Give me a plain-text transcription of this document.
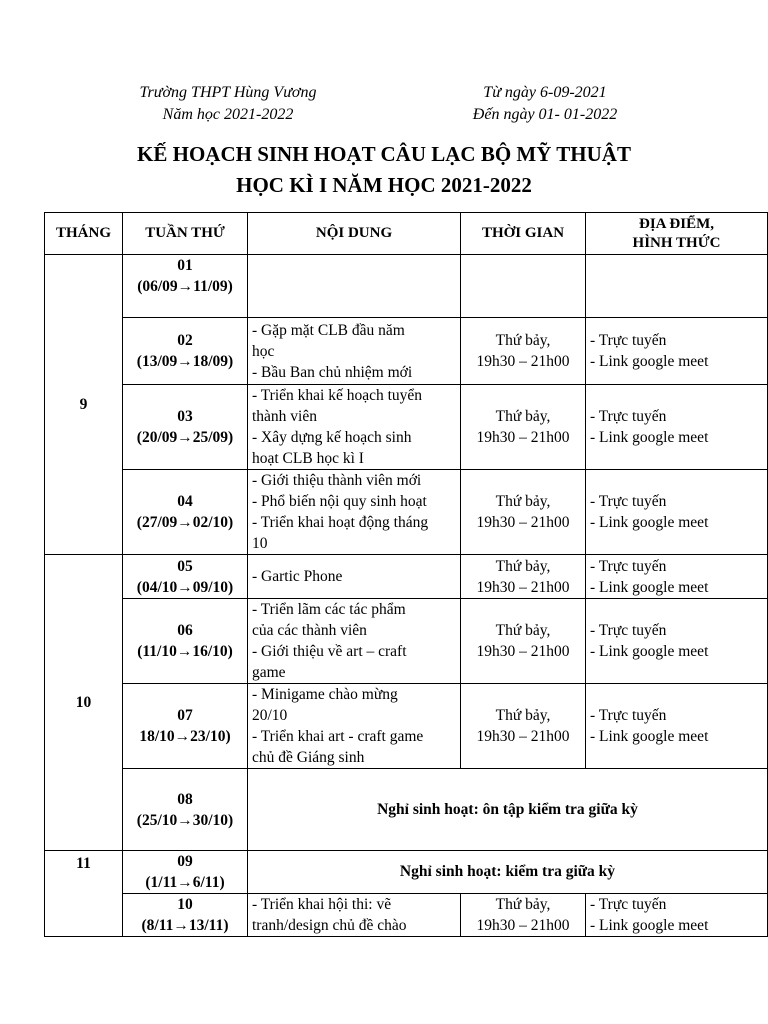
Trường THPT Hùng Vương
Năm học 2021-2022
Từ ngày 6-09-2021
Đến ngày 01- 01-2022
KẾ HOẠCH SINH HOẠT CÂU LẠC BỘ MỸ THUẬT
HỌC KÌ I NĂM HỌC 2021-2022
THÁNG	TUẦN THỨ	NỘI DUNG	THỜI GIAN	ĐỊA ĐIỂM,
HÌNH THỨC

9	01
(06/09→11/09)			

	02
(13/09→18/09)	- Gặp mặt CLB đầu năm
học
- Bầu Ban chủ nhiệm mới	Thứ bảy,
19h30 – 21h00	- Trực tuyến
- Link google meet

	03
(20/09→25/09)	- Triển khai kế hoạch tuyển
thành viên
- Xây dựng kế hoạch sinh
hoạt CLB học kì I	Thứ bảy,
19h30 – 21h00	- Trực tuyến
- Link google meet

	04
(27/09→02/10)	- Giới thiệu thành viên mới
- Phổ biến nội quy sinh hoạt
- Triển khai hoạt động tháng
10	Thứ bảy,
19h30 – 21h00	- Trực tuyến
- Link google meet

10	05
(04/10→09/10)	- Gartic Phone	Thứ bảy,
19h30 – 21h00	- Trực tuyến
- Link google meet

	06
(11/10→16/10)	- Triển lãm các tác phẩm
của các thành viên
- Giới thiệu về art – craft
game	Thứ bảy,
19h30 – 21h00	- Trực tuyến
- Link google meet

	07
18/10→23/10)	- Minigame chào mừng
20/10
- Triển khai art - craft game
chủ đề Giáng sinh	Thứ bảy,
19h30 – 21h00	- Trực tuyến
- Link google meet

	08
(25/10→30/10)	Nghỉ sinh hoạt: ôn tập kiểm tra giữa kỳ		
11	09
(1/11→6/11)	Nghỉ sinh hoạt: kiểm tra giữa kỳ		

	10
(8/11→13/11)	- Triển khai hội thi: vẽ
tranh/design chủ đề chào	Thứ bảy,
19h30 – 21h00	- Trực tuyến
- Link google meet
